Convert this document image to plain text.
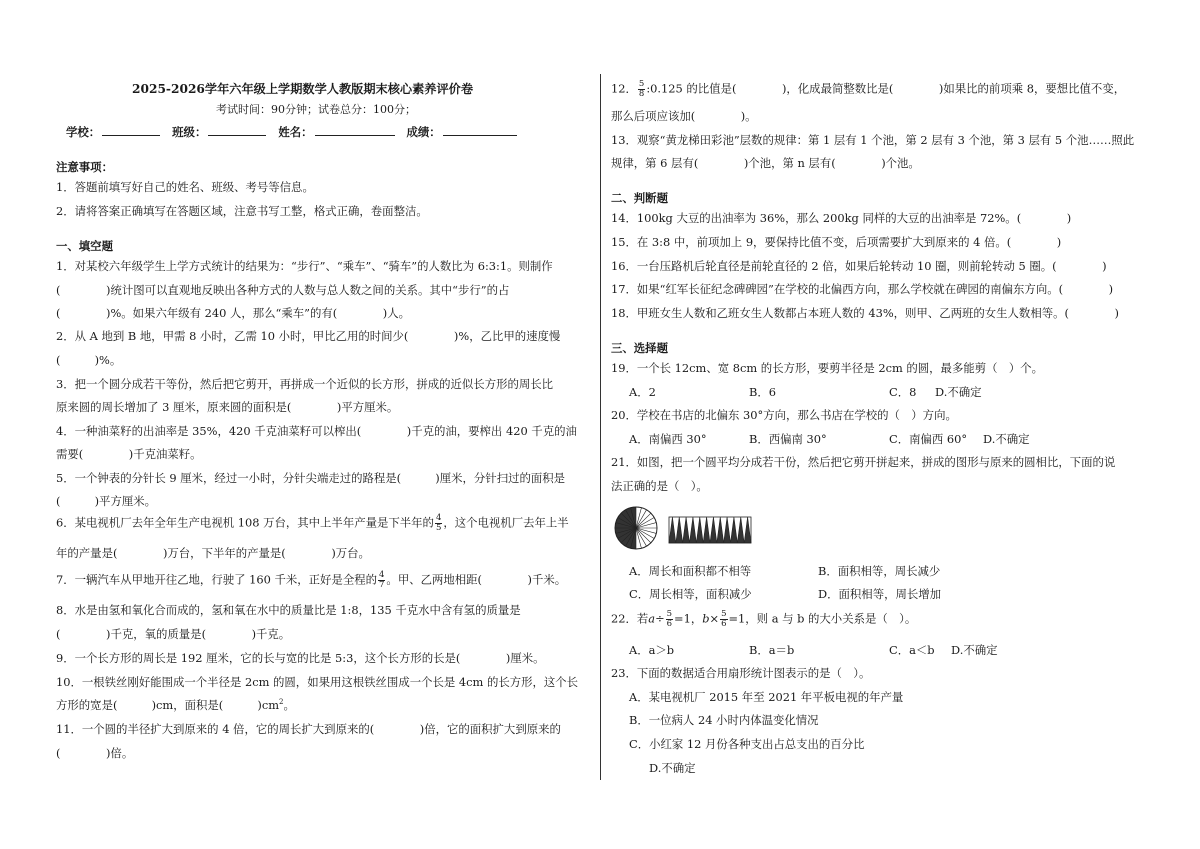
2025-2026学年六年级上学期数学人教版期末核心素养评价卷
考试时间：90分钟；试卷总分：100分；
学校：	班级：	姓名：	成绩：
注意事项：
1．答题前填写好自己的姓名、班级、考号等信息。
2．请将答案正确填写在答题区域，注意书写工整，格式正确，卷面整洁。
一、填空题
1．对某校六年级学生上学方式统计的结果为：“步行”、“乘车”、“骑车”的人数比为 6:3:1。则制作
(　　　　)统计图可以直观地反映出各种方式的人数与总人数之间的关系。其中“步行”的占
(　　　　)%。如果六年级有 240 人，那么“乘车”的有(　　　　)人。
2．从 A 地到 B 地，甲需 8 小时，乙需 10 小时，甲比乙用的时间少(　　　　)%，乙比甲的速度慢
(　　　)%。
3．把一个圆分成若干等份，然后把它剪开，再拼成一个近似的长方形，拼成的近似长方形的周长比
原来圆的周长增加了 3 厘米，原来圆的面积是(　　　　)平方厘米。
4．一种油菜籽的出油率是 35%，420 千克油菜籽可以榨出(　　　　)千克的油，要榨出 420 千克的油
需要(　　　　)千克油菜籽。
5．一个钟表的分针长 9 厘米，经过一小时，分针尖端走过的路程是(　　　)厘米，分针扫过的面积是
(　　　)平方厘米。
6．某电视机厂去年全年生产电视机 108 万台，其中上半年产量是下半年的 $\frac{4}{5}$ ，这个电视机厂去年上半
年的产量是(　　　　)万台，下半年的产量是(　　　　)万台。
7．一辆汽车从甲地开往乙地，行驶了 160 千米，正好是全程的 $\frac{4}{7}$ 。甲、乙两地相距(　　　　)千米。
8．水是由氢和氧化合而成的，氢和氧在水中的质量比是 1:8，135 千克水中含有氢的质量是
(　　　　)千克，氧的质量是(　　　　)千克。
9．一个长方形的周长是 192 厘米，它的长与宽的比是 5:3，这个长方形的长是(　　　　)厘米。
10．一根铁丝刚好能围成一个半径是 2cm 的圆，如果用这根铁丝围成一个长是 4cm 的长方形，这个长
方形的宽是(　　　)cm，面积是(　　　)$cm^2$。
11．一个圆的半径扩大到原来的 4 倍，它的周长扩大到原来的(　　　　)倍，它的面积扩大到原来的
(　　　　)倍。
12． $\frac{5}{8}$ :0.125 的比值是(　　　　)，化成最简整数比是(　　　　)如果比的前项乘 8，要想比值不变，
那么后项应该加(　　　　)。
13．观察“黄龙梯田彩池”层数的规律：第 1 层有 1 个池，第 2 层有 3 个池，第 3 层有 5 个池……照此
规律，第 6 层有(　　　　)个池，第 n 层有(　　　　)个池。
二、判断题
14．100kg 大豆的出油率为 36%，那么 200kg 同样的大豆的出油率是 72%。(　　　　)
15．在 3:8 中，前项加上 9，要保持比值不变，后项需要扩大到原来的 4 倍。(　　　　)
16．一台压路机后轮直径是前轮直径的 2 倍，如果后轮转动 10 圈，则前轮转动 5 圈。(　　　　)
17．如果“红军长征纪念碑碑园”在学校的北偏西方向，那么学校就在碑园的南偏东方向。(　　　　)
18．甲班女生人数和乙班女生人数都占本班人数的 43%，则甲、乙两班的女生人数相等。(　　　　)
三、选择题
19．一个长 12cm、宽 8cm 的长方形，要剪半径是 2cm 的圆，最多能剪（　）个。
A．2	B．6	C．8 D.不确定
20．学校在书店的北偏东 30°方向，那么书店在学校的（　）方向。
A．南偏西 30°	B．西偏南 30°	C．南偏西 60° D.不确定
21．如图，把一个圆平均分成若干份，然后把它剪开拼起来，拼成的图形与原来的圆相比，下面的说
法正确的是（　）。
A．周长和面积都不相等	B．面积相等，周长减少
C．周长相等，面积减少	D．面积相等，周长增加
22．若$a\div \frac{5}{6} =1$，$b\times \frac{5}{6} =1$，则 a 与 b 的大小关系是（　）。
A．a＞b	B．a＝b	C．a＜b D.不确定
23．下面的数据适合用扇形统计图表示的是（　）。
A．某电视机厂 2015 年至 2021 年平板电视的年产量
B．一位病人 24 小时内体温变化情况
C．小红家 12 月份各种支出占总支出的百分比
D.不确定
